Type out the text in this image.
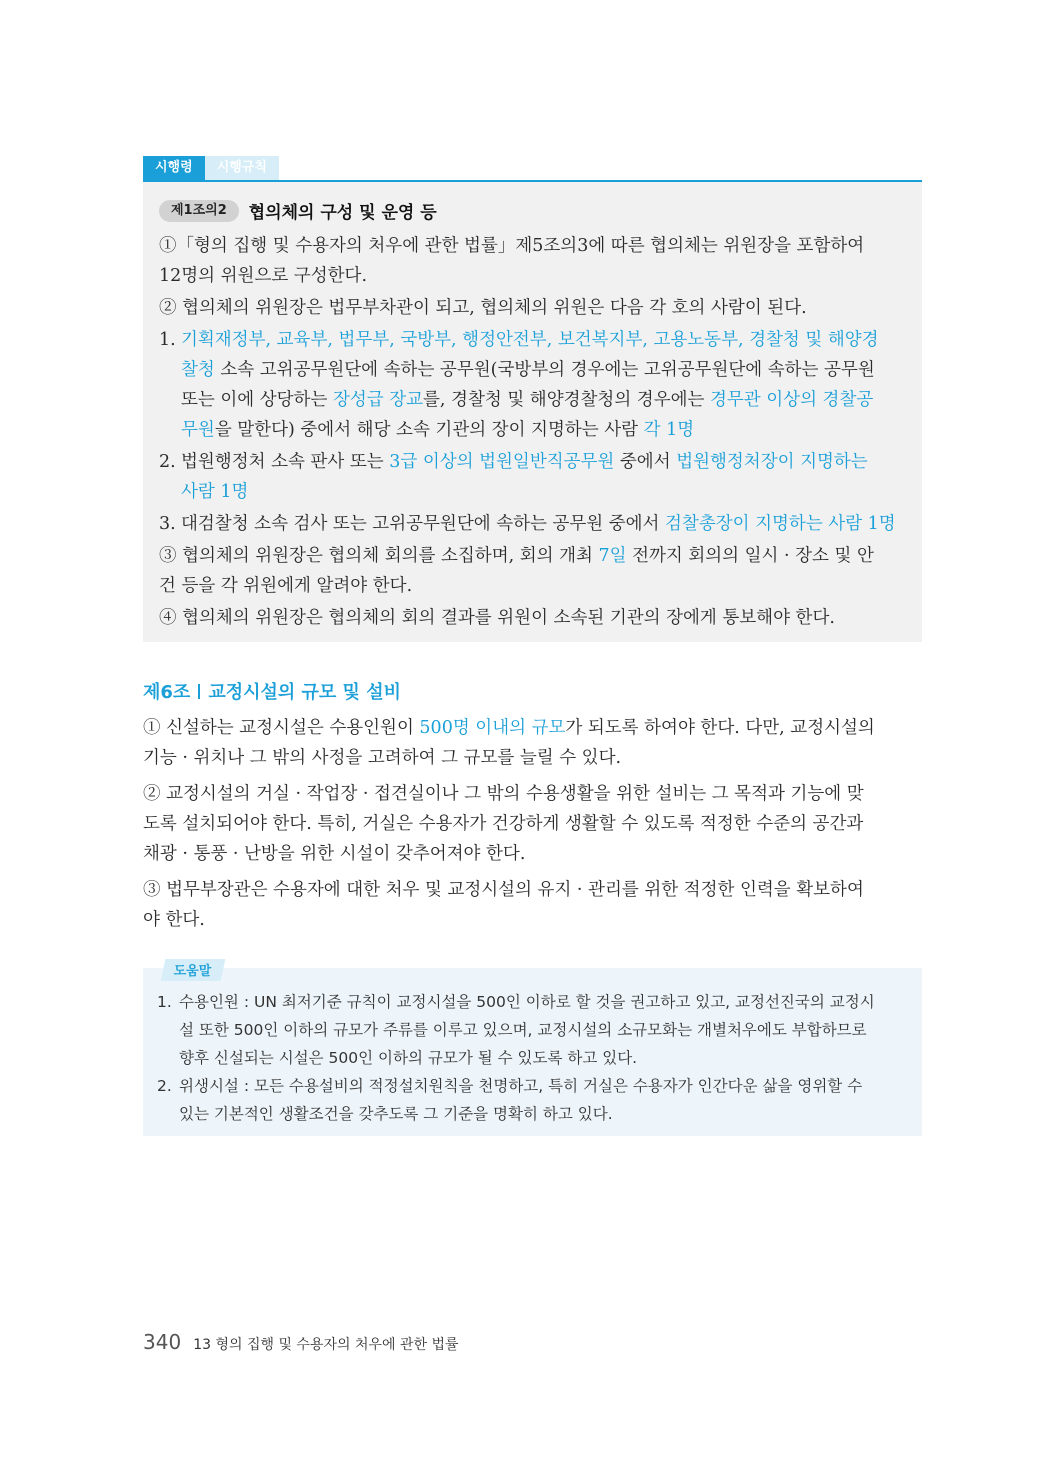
시행령	시행규칙
제1조의2	협의체의 구성 및 운영 등
①「형의 집행 및 수용자의 처우에 관한 법률」제5조의3에 따른 협의체는 위원장을 포함하여
12명의 위원으로 구성한다.
② 협의체의 위원장은 법무부차관이 되고, 협의체의 위원은 다음 각 호의 사람이 된다.
1. 기획재정부, 교육부, 법무부, 국방부, 행정안전부, 보건복지부, 고용노동부, 경찰청 및 해양경
찰청 소속 고위공무원단에 속하는 공무원(국방부의 경우에는 고위공무원단에 속하는 공무원
또는 이에 상당하는 장성급 장교를, 경찰청 및 해양경찰청의 경우에는 경무관 이상의 경찰공
무원을 말한다) 중에서 해당 소속 기관의 장이 지명하는 사람 각 1명
2. 법원행정처 소속 판사 또는 3급 이상의 법원일반직공무원 중에서 법원행정처장이 지명하는
사람 1명
3. 대검찰청 소속 검사 또는 고위공무원단에 속하는 공무원 중에서 검찰총장이 지명하는 사람 1명
③ 협의체의 위원장은 협의체 회의를 소집하며, 회의 개최 7일 전까지 회의의 일시 · 장소 및 안
건 등을 각 위원에게 알려야 한다.
④ 협의체의 위원장은 협의체의 회의 결과를 위원이 소속된 기관의 장에게 통보해야 한다.
제6조 교정시설의 규모 및 설비
① 신설하는 교정시설은 수용인원이 500명 이내의 규모가 되도록 하여야 한다. 다만, 교정시설의
기능 · 위치나 그 밖의 사정을 고려하여 그 규모를 늘릴 수 있다.
② 교정시설의 거실 · 작업장 · 접견실이나 그 밖의 수용생활을 위한 설비는 그 목적과 기능에 맞
도록 설치되어야 한다. 특히, 거실은 수용자가 건강하게 생활할 수 있도록 적정한 수준의 공간과
채광 · 통풍 · 난방을 위한 시설이 갖추어져야 한다.
③ 법무부장관은 수용자에 대한 처우 및 교정시설의 유지 · 관리를 위한 적정한 인력을 확보하여
야 한다.
1. 수용인원 : UN 최저기준 규칙이 교정시설을 500인 이하로 할 것을 권고하고 있고, 교정선진국의 교정시
설 또한 500인 이하의 규모가 주류를 이루고 있으며, 교정시설의 소규모화는 개별처우에도 부합하므로
향후 신설되는 시설은 500인 이하의 규모가 될 수 있도록 하고 있다.
2. 위생시설 : 모든 수용설비의 적정설치원칙을 천명하고, 특히 거실은 수용자가 인간다운 삶을 영위할 수
있는 기본적인 생활조건을 갖추도록 그 기준을 명확히 하고 있다.
도움말
340 13 형의 집행 및 수용자의 처우에 관한 법률
